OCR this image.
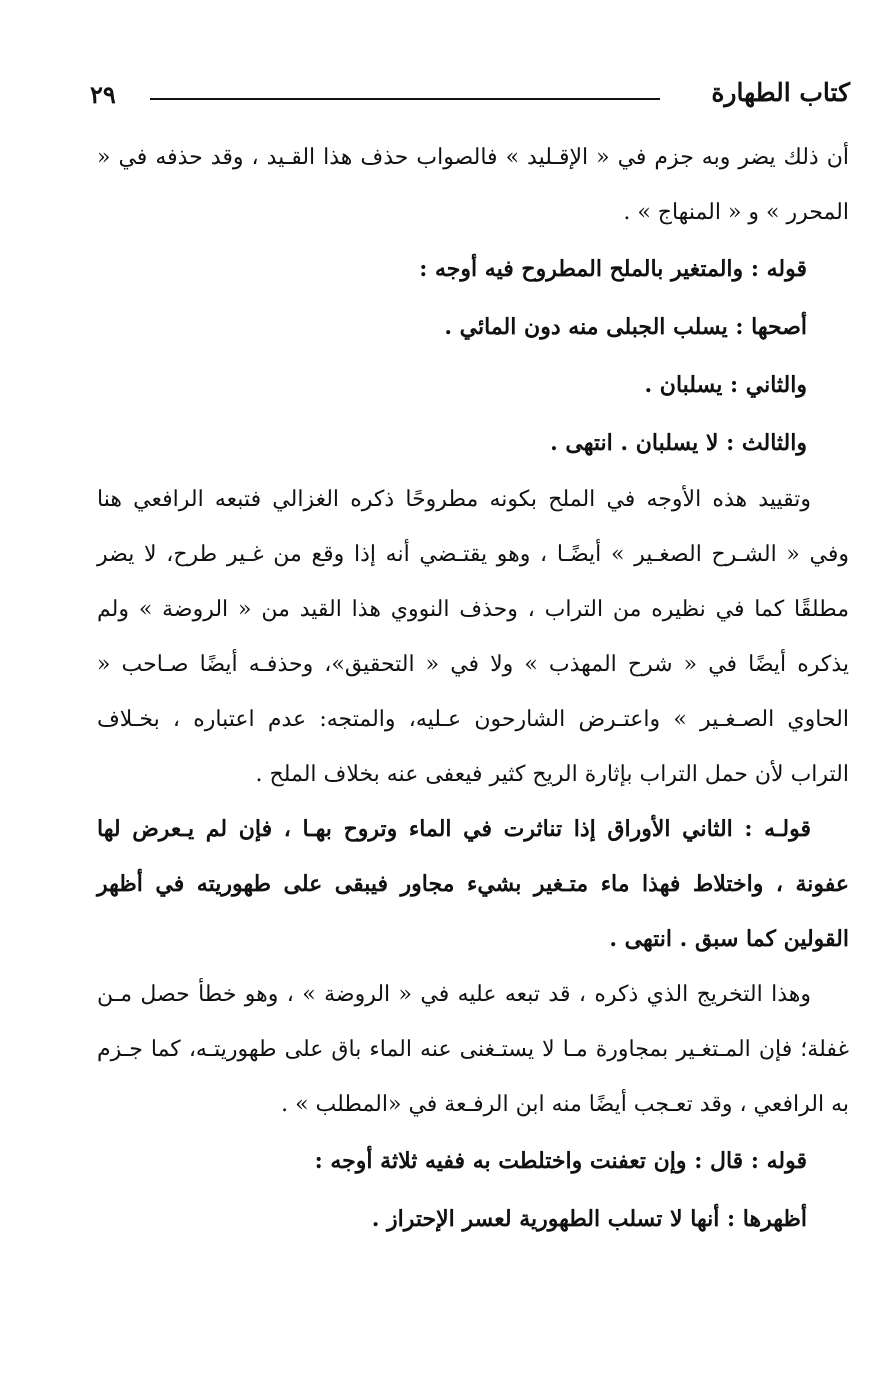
كتاب الطهارة
٢٩

أن ذلك يضر وبه جزم في « الإقـليد » فالصواب حذف هذا القـيد ، وقد حذفه في « المحرر » و « المنهاج » .

قوله : والمتغير بالملح المطروح فيه أوجه :

أصحها : يسلب الجبلى منه دون المائي .

والثاني : يسلبان .

والثالث : لا يسلبان . انتهى .

وتقييد هذه الأوجه في الملح بكونه مطروحًا ذكره الغزالي فتبعه الرافعي هنا وفي « الشـرح الصغـير » أيضًـا ، وهو يقتـضي أنه إذا وقع من غـير طرح، لا يضر مطلقًا كما في نظيره من التراب ، وحذف النووي هذا القيد من « الروضة » ولم يذكره أيضًا في « شرح المهذب » ولا في « التحقيق»، وحذفـه أيضًا صـاحب « الحاوي الصـغـير » واعتـرض الشارحون عـليه، والمتجه: عدم اعتباره ، بخـلاف التراب لأن حمل التراب بإثارة الريح كثير فيعفى عنه بخلاف الملح .

قولـه : الثاني الأوراق إذا تناثرت في الماء وتروح بهـا ، فإن لم يـعرض لها عفونة ، واختلاط فهذا ماء متـغير بشيء مجاور فيبقى على طهوريته في أظهر القولين كما سبق . انتهى .

وهذا التخريج الذي ذكره ، قد تبعه عليه في « الروضة » ، وهو خطأ حصل مـن غفلة؛ فإن المـتغـير بمجاورة مـا لا يستـغنى عنه الماء باق على طهوريتـه، كما جـزم به الرافعي ، وقد تعـجب أيضًا منه ابن الرفـعة في «المطلب » .

قوله : قال : وإن تعفنت واختلطت به ففيه ثلاثة أوجه :

أظهرها : أنها لا تسلب الطهورية لعسر الإحتراز .
